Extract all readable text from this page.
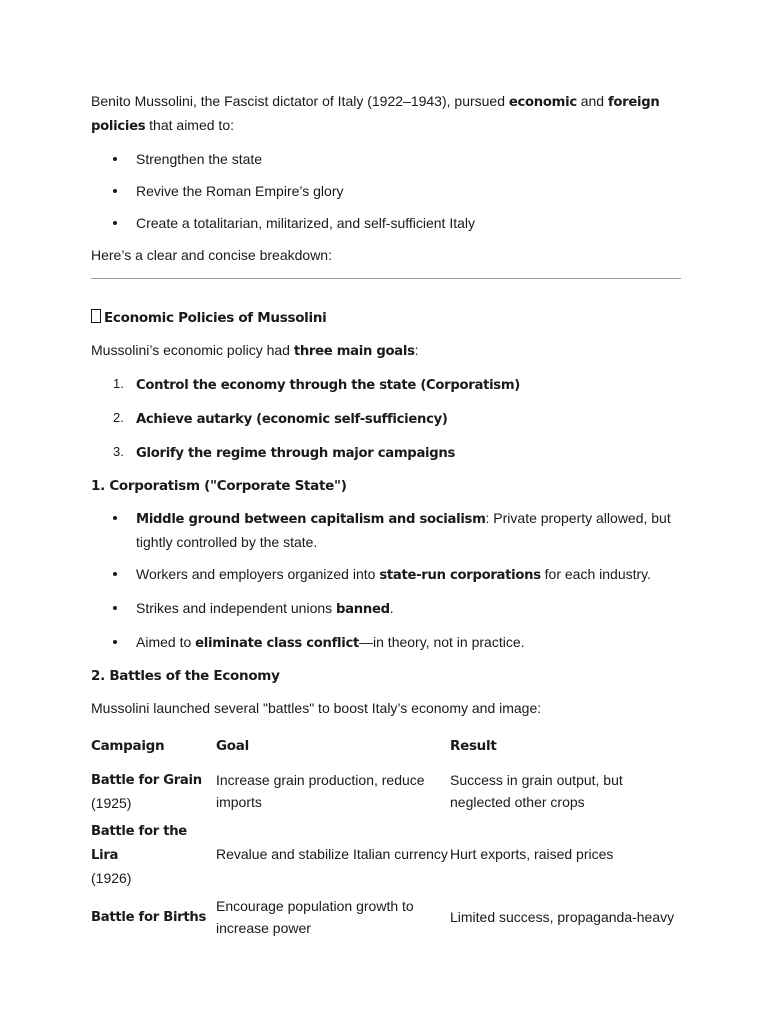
Benito Mussolini, the Fascist dictator of Italy (1922–1943), pursued economic and foreign policies that aimed to:

Strengthen the state
Revive the Roman Empire’s glory
Create a totalitarian, militarized, and self-sufficient Italy

Here’s a clear and concise breakdown:

Economic Policies of Mussolini

Mussolini’s economic policy had three main goals:

1. Control the economy through the state (Corporatism)
2. Achieve autarky (economic self-sufficiency)
3. Glorify the regime through major campaigns
1. Corporatism ("Corporate State")
Middle ground between capitalism and socialism: Private property allowed, but tightly controlled by the state.
Workers and employers organized into state-run corporations for each industry.
Strikes and independent unions banned.
Aimed to eliminate class conflict—in theory, not in practice.
2. Battles of the Economy

Mussolini launched several "battles" to boost Italy’s economy and image:

Campaign	Goal	Result
Battle for Grain
(1925)	Increase grain production, reduce imports	Success in grain output, but neglected other crops
Battle for the Lira
(1926)	Revalue and stabilize Italian currency	Hurt exports, raised prices
Battle for Births	Encourage population growth to increase power	Limited success, propaganda-heavy
